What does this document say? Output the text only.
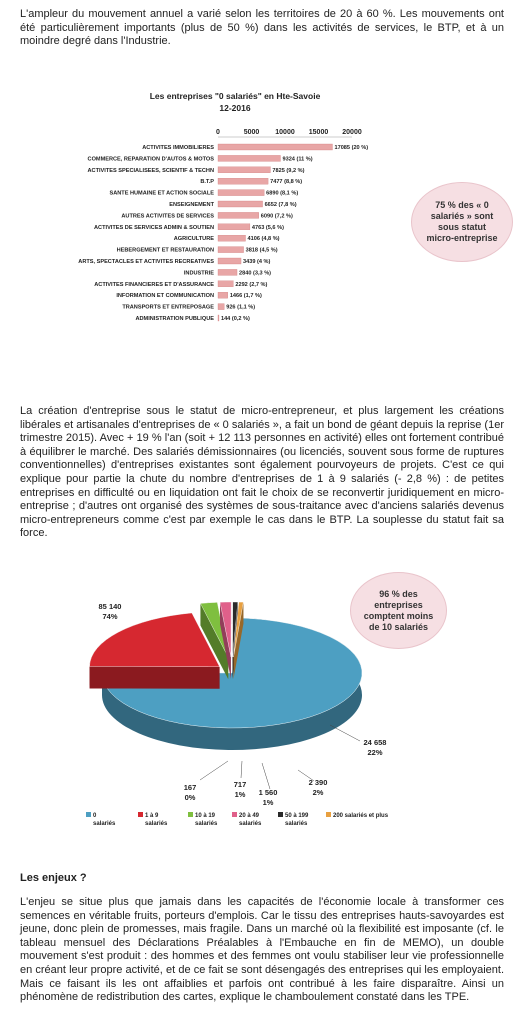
L'ampleur du mouvement annuel a varié selon les territoires de 20 à 60 %. Les mouvements ont été particulièrement importants (plus de 50 %) dans les activités de services, le BTP, et à un moindre degré dans l'Industrie.

Les entreprises "0 salariés" en Hte-Savoie
12-2016
0	5000 10000 15000 20000
ACTIVITES IMMOBILIERES	17085 (20 %)
COMMERCE, REPARATION D'AUTOS & MOTOS	9324 (11 %)
ACTIVITES SPECIALISEES, SCIENTIF & TECHN	7825 (9,2 %)
B.T.P	7477 (8,8 %)
SANTE HUMAINE ET ACTION SOCIALE	6890 (8,1 %)
ENSEIGNEMENT	6652 (7,8 %)
AUTRES ACTIVITES DE SERVICES	6090 (7,2 %)
ACTIVITES DE SERVICES ADMIN & SOUTIEN	4763 (5,6 %)
AGRICULTURE	4106 (4,8 %)
HEBERGEMENT ET RESTAURATION	3818 (4,5 %)
ARTS, SPECTACLES ET ACTIVITES RECREATIVES	3439 (4 %)
INDUSTRIE	2840 (3,3 %)
ACTIVITES FINANCIERES ET D'ASSURANCE	2292 (2,7 %)
INFORMATION ET COMMUNICATION	1466 (1,7 %)
TRANSPORTS ET ENTREPOSAGE 926 (1,1 %)
ADMINISTRATION PUBLIQUE 144 (0,2 %)
75 % des « 0 salariés » sont sous statut micro-entreprise

La création d'entreprise sous le statut de micro-entrepreneur, et plus largement les créations libérales et artisanales d'entreprises de « 0 salariés », a fait un bond de géant depuis la reprise (1er trimestre 2015). Avec + 19 % l'an (soit + 12 113 personnes en activité) elles ont fortement contribué à équilibrer le marché. Des salariés démissionnaires (ou licenciés, souvent sous forme de ruptures conventionnelles) d'entreprises existantes sont également pourvoyeurs de projets. C'est ce qui explique pour partie la chute du nombre d'entreprises de 1 à 9 salariés (- 2,8 %) : de petites entreprises en difficulté ou en liquidation ont fait le choix de se reconvertir juridiquement en micro-entreprise ; d'autres ont organisé des systèmes de sous-traitance avec d'anciens salariés devenus micro-entrepreneurs comme c'est par exemple le cas dans le BTP. La souplesse du statut fait sa force.

85 140
74%
24 658
22%
2 390
2%
1 560
1%
717
1%
167
0%
0 salariés
1 à 9 salariés
10 à 19 salariés
20 à 49 salariés
50 à 199 salariés
200 salariés et plus
96 % des entreprises comptent moins de 10 salariés

Les enjeux ?

L'enjeu se situe plus que jamais dans les capacités de l'économie locale à transformer ces semences en véritable fruits, porteurs d'emplois. Car le tissu des entreprises hauts-savoyardes est jeune, donc plein de promesses, mais fragile. Dans un marché où la flexibilité est imposante (cf. le tableau mensuel des Déclarations Préalables à l'Embauche en fin de MEMO), un double mouvement s'est produit : des hommes et des femmes ont voulu stabiliser leur vie professionnelle en créant leur propre activité, et de ce fait se sont désengagés des entreprises qui les employaient. Mais ce faisant ils les ont affaiblies et parfois ont contribué à les faire disparaître. Ainsi un phénomène de redistribution des cartes, explique le chamboulement constaté dans les TPE.
